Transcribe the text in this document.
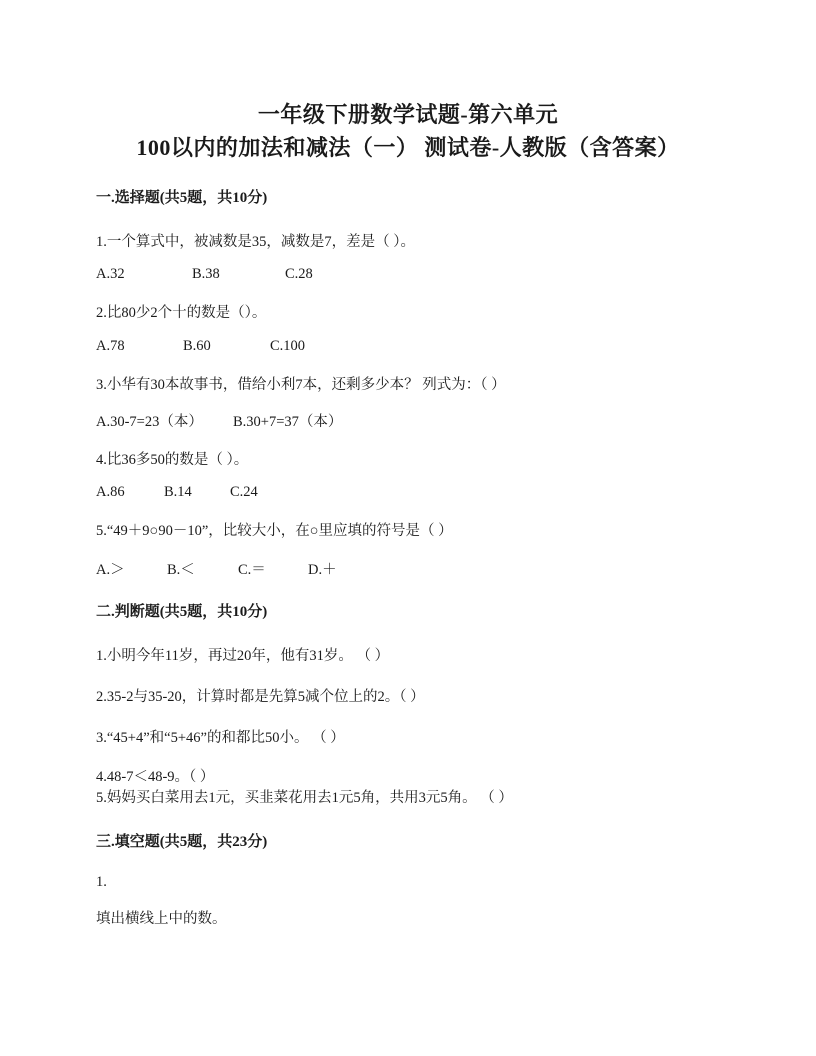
一年级下册数学试题-第六单元
100以内的加法和减法（一） 测试卷-人教版（含答案）
一.选择题(共5题，共10分)
1.一个算式中，被减数是35，减数是7，差是（ ）。
A.32	B.38	C.28
2.比80少2个十的数是（）。
A.78	B.60	C.100
3.小华有30本故事书，借给小利7本，还剩多少本？ 列式为：（ ）
A.30-7=23（本） B.30+7=37（本）
4.比36多50的数是（ ）。
A.86	B.14	C.24
5.“49＋9○90－10”，比较大小，在○里应填的符号是（ ）
A.＞	B.＜	C.＝	D.＋
二.判断题(共5题，共10分)
1.小明今年11岁，再过20年，他有31岁。 （ ）
2.35-2与35-20，计算时都是先算5减个位上的2。（ ）
3.“45+4”和“5+46”的和都比50小。 （ ）
4.48-7＜48-9。（ ）
5.妈妈买白菜用去1元，买韭菜花用去1元5角，共用3元5角。 （ ）
三.填空题(共5题，共23分)
1.
填出横线上中的数。
